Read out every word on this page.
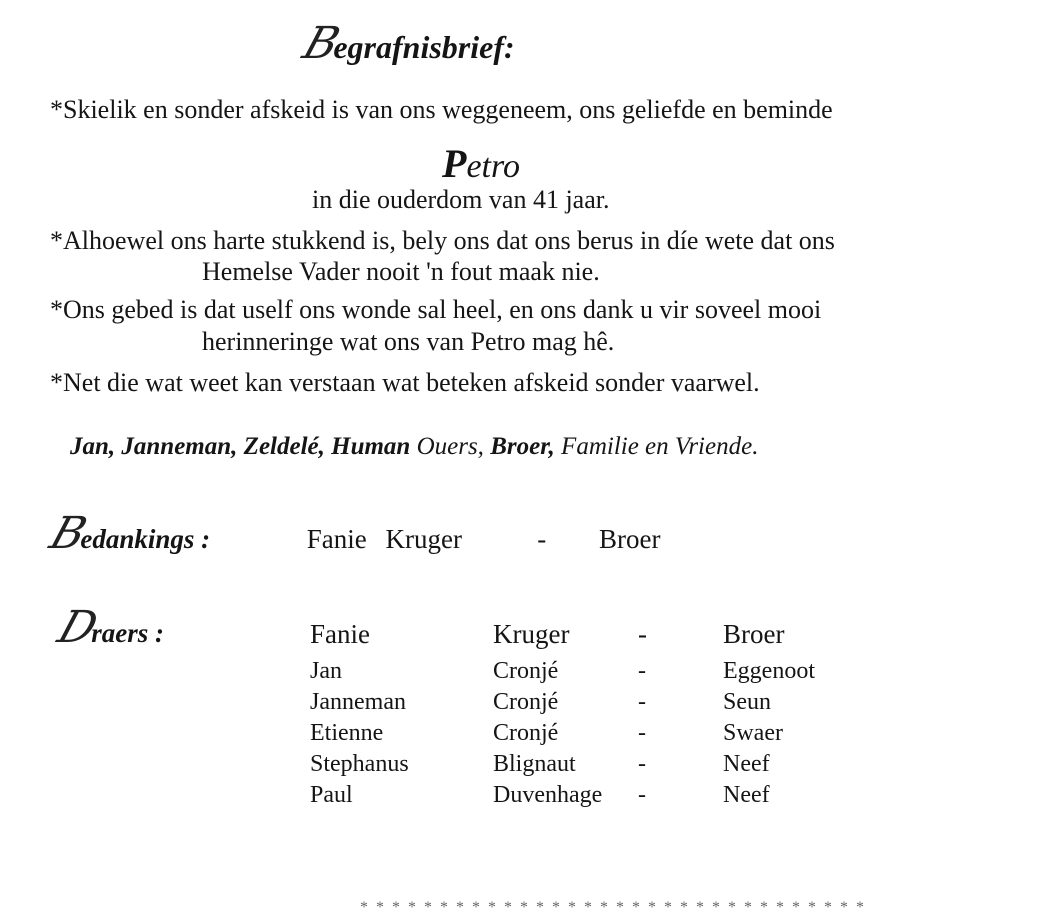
Begrafnisbrief:
*Skielik en sonder afskeid is van ons weggeneem, ons geliefde en beminde
Petro
in die ouderdom van 41 jaar.
*Alhoewel ons harte stukkend is, bely ons dat ons berus in díe wete dat ons
Hemelse Vader nooit 'n fout maak nie.
*Ons gebed is dat uself ons wonde sal heel, en ons dank u vir soveel mooi
herinneringe wat ons van Petro mag hê.
*Net die wat weet kan verstaan wat beteken afskeid sonder vaarwel.
Jan, Janneman, Zeldelé, Human Ouers, Broer, Familie en Vriende.
Bedankings :	Fanie Kruger	- Broer
Draers :	Fanie	Kruger	-	Broer
Jan	Cronjé	-	Eggenoot
Janneman	Cronjé	-	Seun
Etienne	Cronjé	-	Swaer
Stephanus	Blignaut	-	Neef
Paul	Duvenhage	-	Neef
* * * * * * * * * * * * * * * * * * * * * * * * * * * * * * * *
